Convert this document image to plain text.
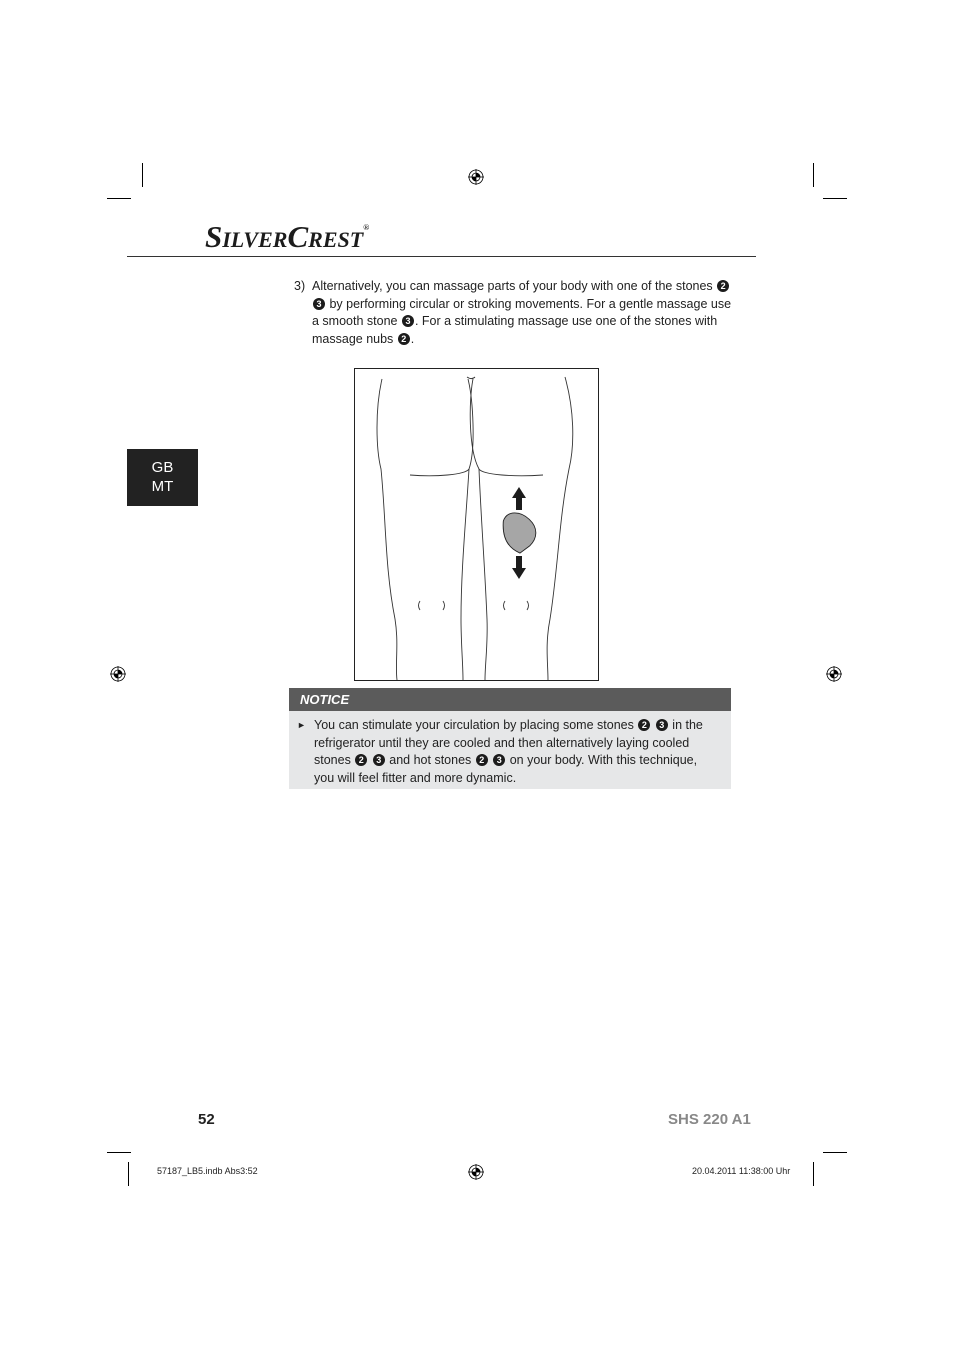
SILVERCREST®
GB
MT
3) Alternatively, you can massage parts of your body with one of the stones 2
3 by performing circular or stroking movements. For a gentle massage use a smooth stone 3 . For a stimulating massage use one of the stones with massage nubs 2 .
NOTICE
► You can stimulate your circulation by placing some stones 2 3 in the refrigerator until they are cooled and then alternatively laying cooled stones 2 3 and hot stones 2 3 on your body. With this technique, you will feel fitter and more dynamic.
52	SHS 220 A1
57187_LB5.indb Abs3:52	20.04.2011 11:38:00 Uhr
